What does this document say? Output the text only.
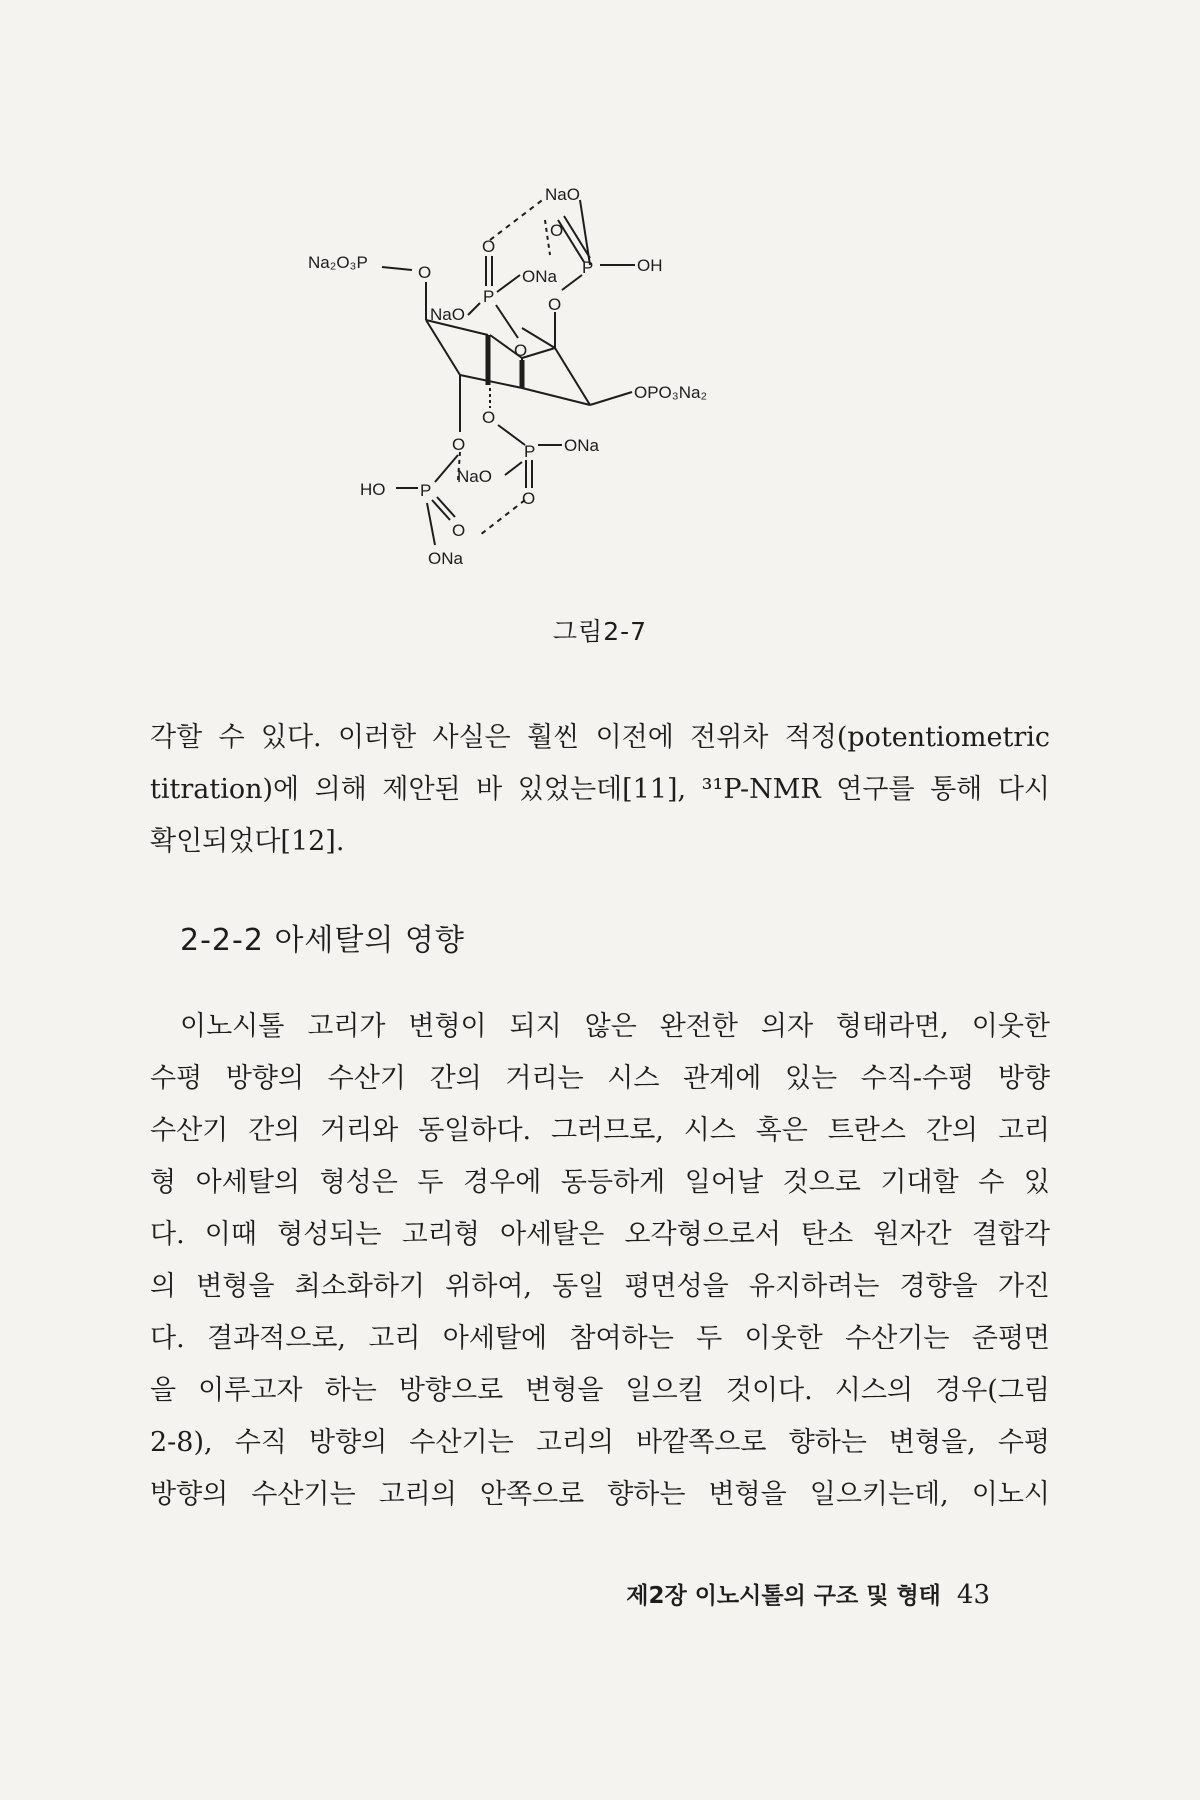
NaO
OH
P
O
O
ONa
O
P
NaO
O
Na₂O₃P
O
OPO₃Na₂
O
P ONa
O
NaO
O
P
HO
O
ONa
그림2-7
각할 수 있다. 이러한 사실은 훨씬 이전에 전위차 적정(potentiometric
titration)에 의해 제안된 바 있었는데[11], ³¹P-NMR 연구를 통해 다시
확인되었다[12].
2-2-2 아세탈의 영향
이노시톨 고리가 변형이 되지 않은 완전한 의자 형태라면, 이웃한
수평 방향의 수산기 간의 거리는 시스 관계에 있는 수직-수평 방향
수산기 간의 거리와 동일하다. 그러므로, 시스 혹은 트란스 간의 고리
형 아세탈의 형성은 두 경우에 동등하게 일어날 것으로 기대할 수 있
다. 이때 형성되는 고리형 아세탈은 오각형으로서 탄소 원자간 결합각
의 변형을 최소화하기 위하여, 동일 평면성을 유지하려는 경향을 가진
다. 결과적으로, 고리 아세탈에 참여하는 두 이웃한 수산기는 준평면
을 이루고자 하는 방향으로 변형을 일으킬 것이다. 시스의 경우(그림
2-8), 수직 방향의 수산기는 고리의 바깥쪽으로 향하는 변형을, 수평
방향의 수산기는 고리의 안쪽으로 향하는 변형을 일으키는데, 이노시
제2장 이노시톨의 구조 및 형태 43
